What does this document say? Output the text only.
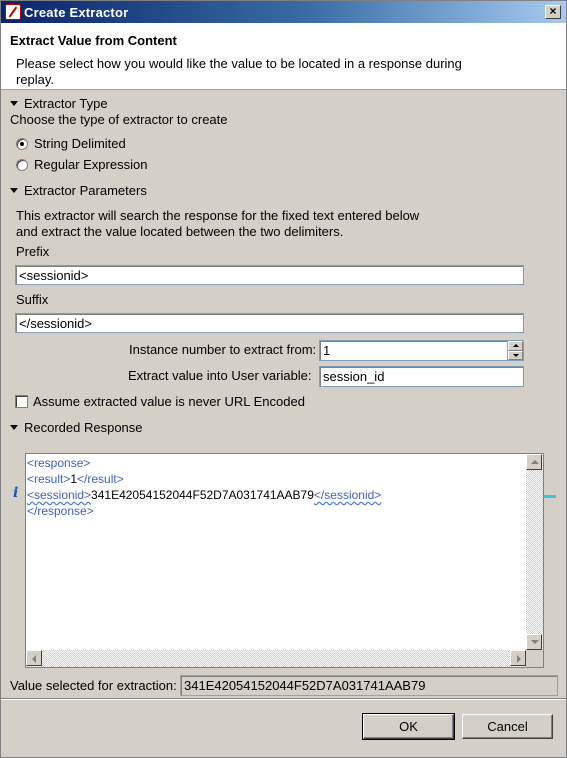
Create Extractor	×
Extract Value from Content
Please select how you would like the value to be located in a response during replay.
Extractor Type
Choose the type of extractor to create
String Delimited
Regular Expression
Extractor Parameters
This extractor will search the response for the fixed text entered below
and extract the value located between the two delimiters.
Prefix
<sessionid>
Suffix
</sessionid>
Instance number to extract from: 1
Extract value into User variable: session_id
Assume extracted value is never URL Encoded
Recorded Response
i
<response>
<result>1</result>
<sessionid>341E42054152044F52D7A031741AAB79</sessionid>
</response>
Value selected for extraction: 341E42054152044F52D7A031741AAB79
OK	Cancel
